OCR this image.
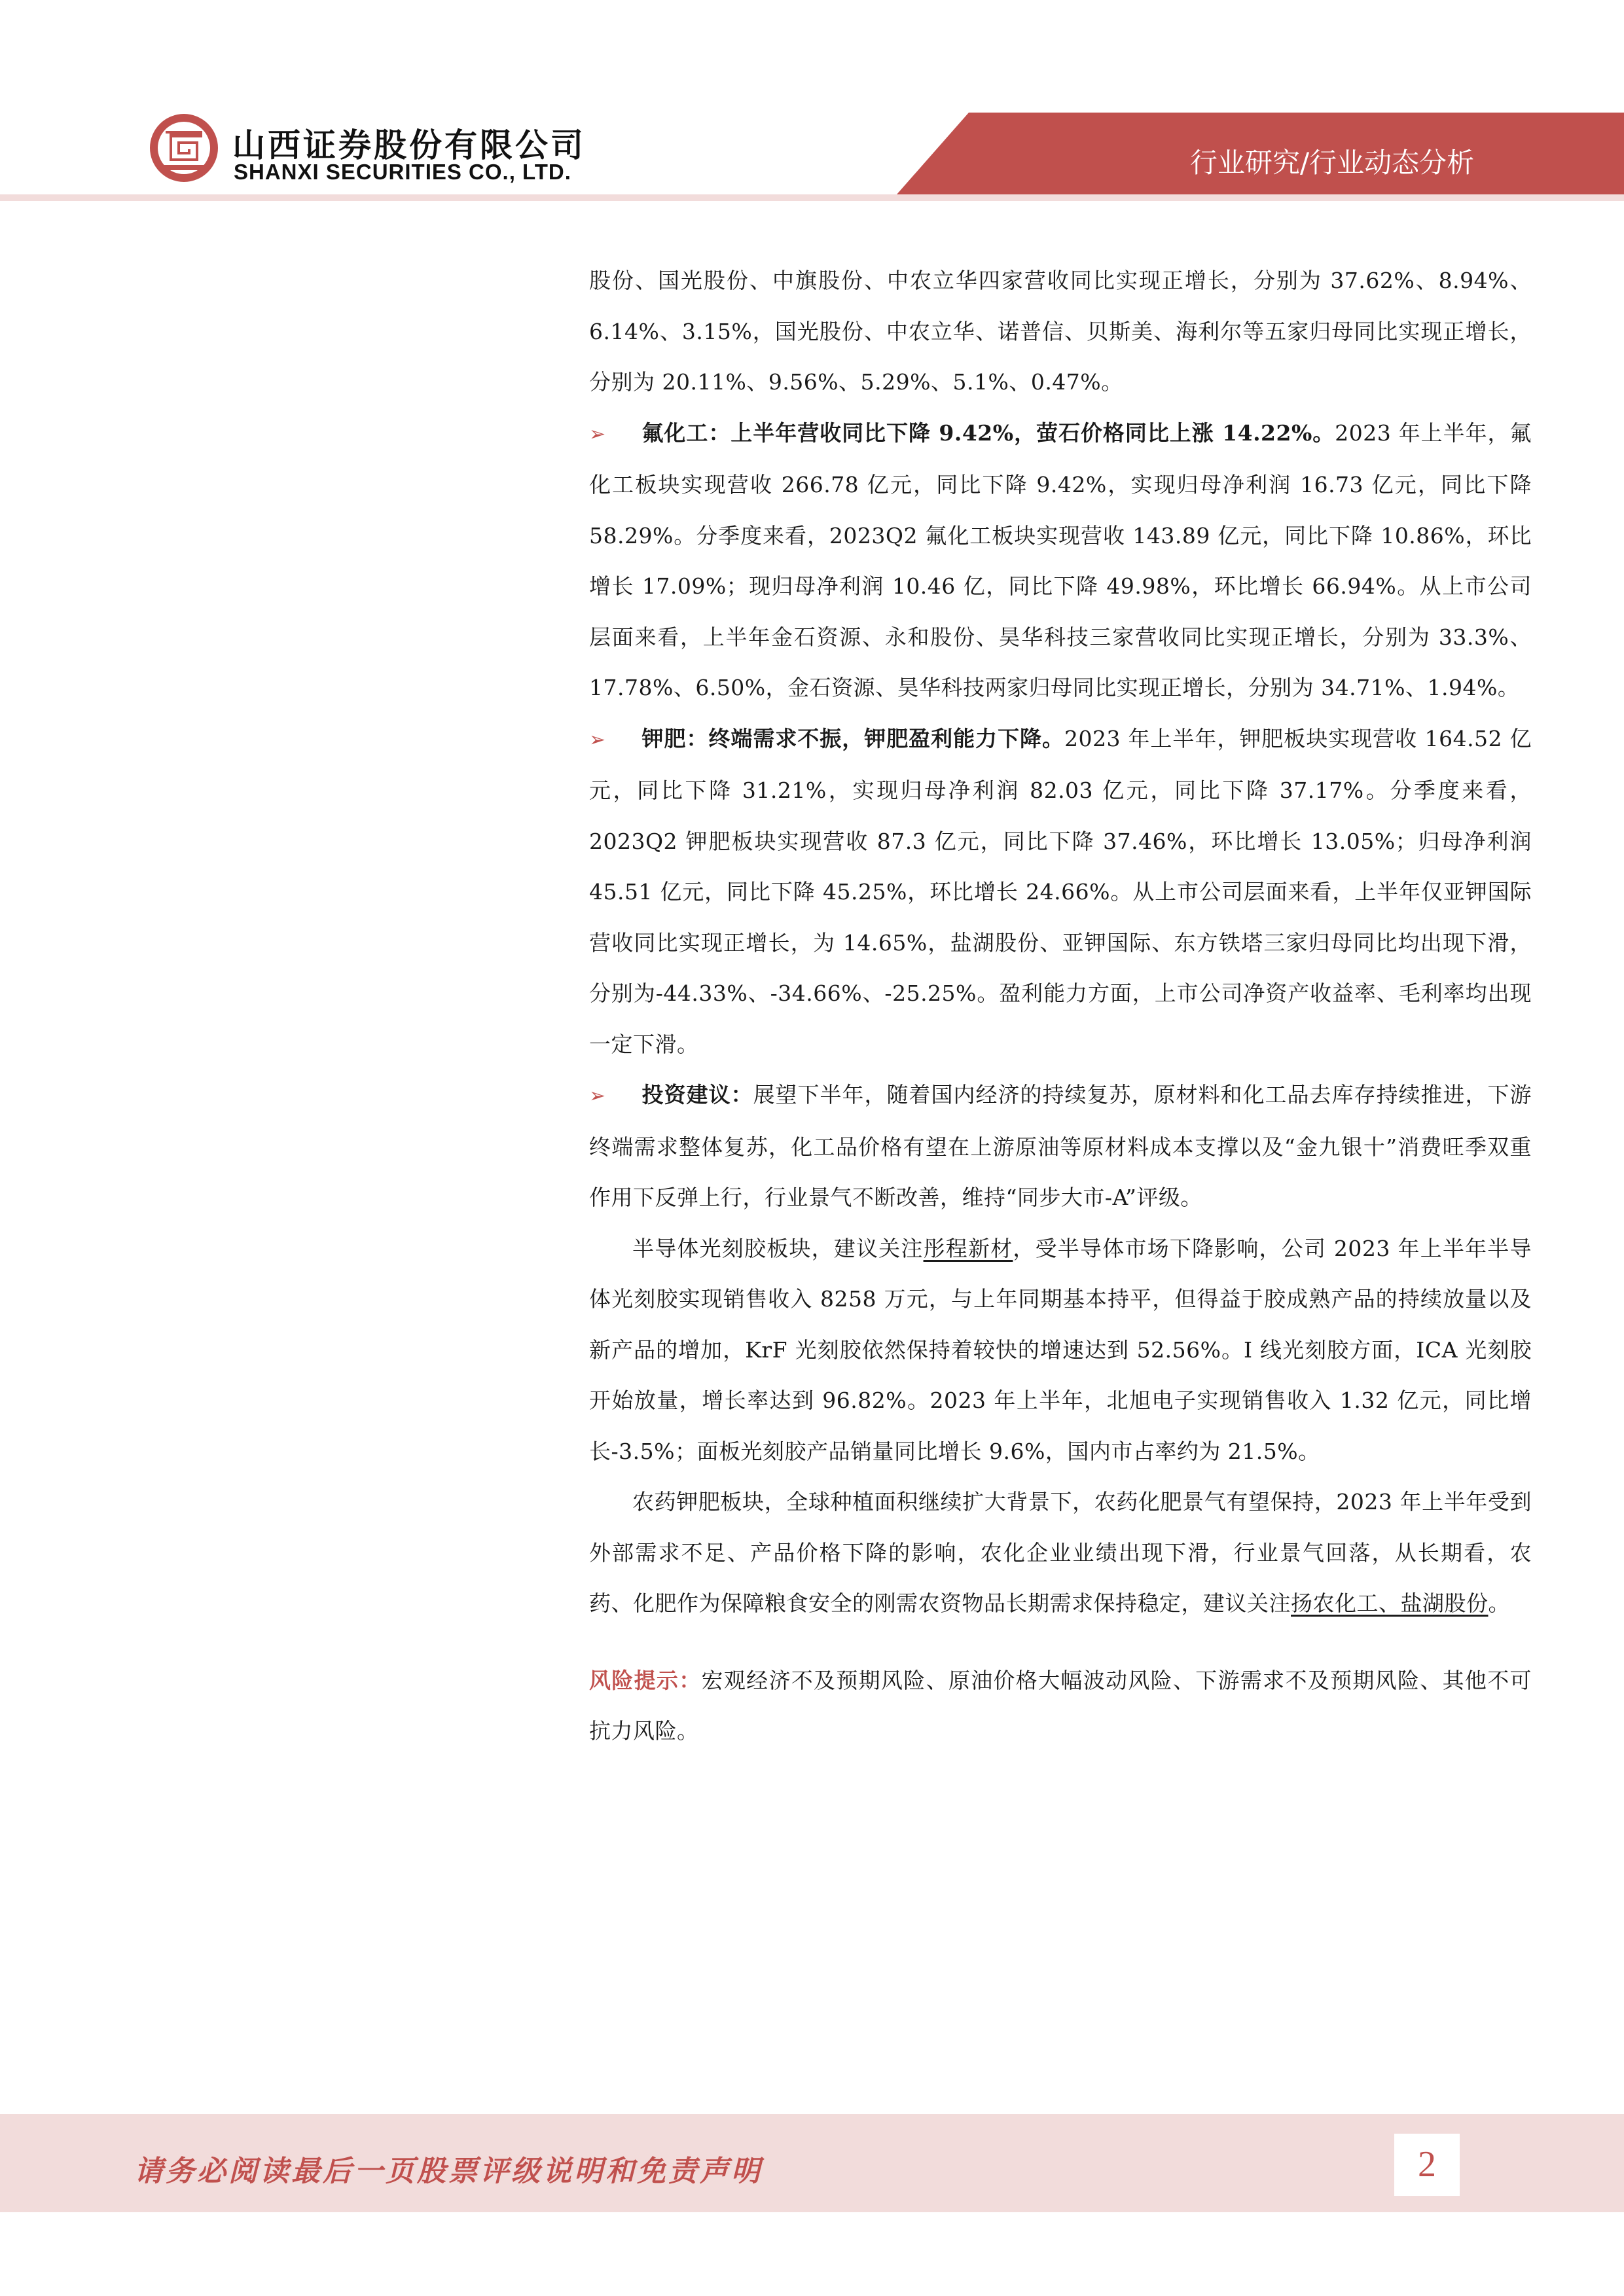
山西证券股份有限公司
SHANXI SECURITIES CO., LTD.	行业研究/行业动态分析

股份、国光股份、中旗股份、中农立华四家营收同比实现正增长，分别为 37.62%、8.94%、6.14%、3.15%，国光股份、中农立华、诺普信、贝斯美、海利尔等五家归母同比实现正增长，分别为 20.11%、9.56%、5.29%、5.1%、0.47%。

➢ 氟化工：上半年营收同比下降 9.42%，萤石价格同比上涨 14.22%。2023 年上半年，氟化工板块实现营收 266.78 亿元，同比下降 9.42%，实现归母净利润 16.73 亿元，同比下降 58.29%。分季度来看，2023Q2 氟化工板块实现营收 143.89 亿元，同比下降 10.86%，环比增长 17.09%；现归母净利润 10.46 亿，同比下降 49.98%，环比增长 66.94%。从上市公司层面来看，上半年金石资源、永和股份、昊华科技三家营收同比实现正增长，分别为 33.3%、17.78%、6.50%，金石资源、昊华科技两家归母同比实现正增长，分别为 34.71%、1.94%。

➢ 钾肥：终端需求不振，钾肥盈利能力下降。2023 年上半年，钾肥板块实现营收 164.52 亿元，同比下降 31.21%，实现归母净利润 82.03 亿元，同比下降 37.17%。分季度来看，2023Q2 钾肥板块实现营收 87.3 亿元，同比下降 37.46%，环比增长 13.05%；归母净利润 45.51 亿元，同比下降 45.25%，环比增长 24.66%。从上市公司层面来看，上半年仅亚钾国际营收同比实现正增长，为 14.65%，盐湖股份、亚钾国际、东方铁塔三家归母同比均出现下滑，分别为-44.33%、-34.66%、-25.25%。盈利能力方面，上市公司净资产收益率、毛利率均出现一定下滑。

➢ 投资建议：展望下半年，随着国内经济的持续复苏，原材料和化工品去库存持续推进，下游终端需求整体复苏，化工品价格有望在上游原油等原材料成本支撑以及“金九银十”消费旺季双重作用下反弹上行，行业景气不断改善，维持“同步大市-A”评级。

半导体光刻胶板块，建议关注彤程新材，受半导体市场下降影响，公司 2023 年上半年半导体光刻胶实现销售收入 8258 万元，与上年同期基本持平，但得益于胶成熟产品的持续放量以及新产品的增加，KrF 光刻胶依然保持着较快的增速达到 52.56%。I 线光刻胶方面，ICA 光刻胶开始放量，增长率达到 96.82%。2023 年上半年，北旭电子实现销售收入 1.32 亿元，同比增长-3.5%；面板光刻胶产品销量同比增长 9.6%，国内市占率约为 21.5%。

农药钾肥板块，全球种植面积继续扩大背景下，农药化肥景气有望保持，2023 年上半年受到外部需求不足、产品价格下降的影响，农化企业业绩出现下滑，行业景气回落，从长期看，农药、化肥作为保障粮食安全的刚需农资物品长期需求保持稳定，建议关注扬农化工、盐湖股份。

风险提示：宏观经济不及预期风险、原油价格大幅波动风险、下游需求不及预期风险、其他不可抗力风险。

请务必阅读最后一页股票评级说明和免责声明	2
